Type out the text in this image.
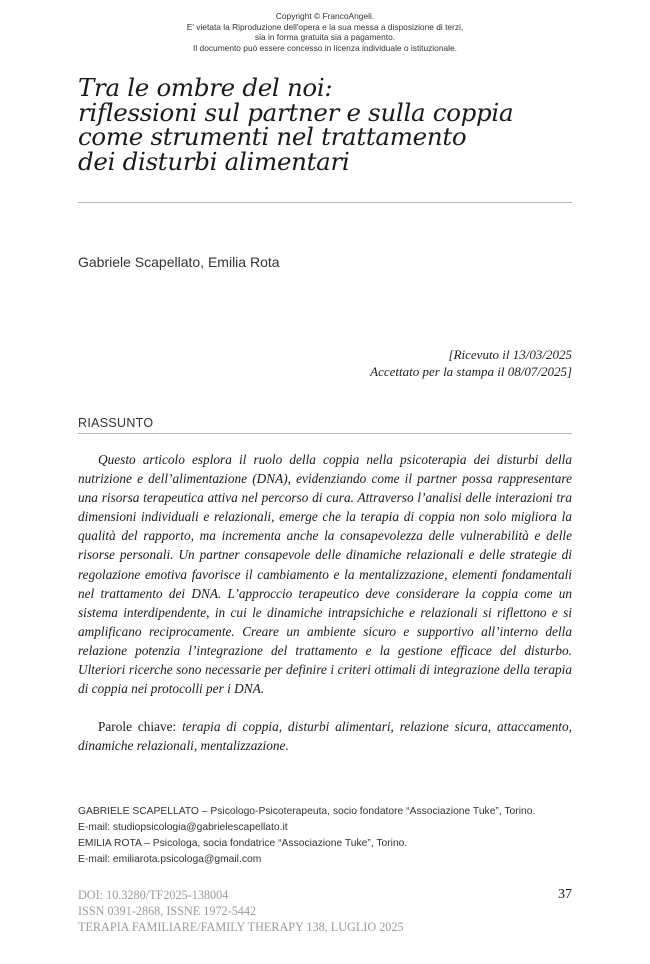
Copyright © FrancoAngeli.
E' vietata la Riproduzione dell'opera e la sua messa a disposizione di terzi,
sia in forma gratuita sia a pagamento.
Il documento può essere concesso in licenza individuale o istituzionale.
Tra le ombre del noi:
riflessioni sul partner e sulla coppia
come strumenti nel trattamento
dei disturbi alimentari
Gabriele Scapellato, Emilia Rota
[Ricevuto il 13/03/2025
Accettato per la stampa il 08/07/2025]
RIASSUNTO

Questo articolo esplora il ruolo della coppia nella psicoterapia dei disturbi della nutrizione e dell’alimentazione (DNA), evidenziando come il partner possa rappresentare una risorsa terapeutica attiva nel percorso di cura. Attraverso l’analisi delle interazioni tra dimensioni individuali e relazionali, emerge che la terapia di coppia non solo migliora la qualità del rapporto, ma incrementa anche la consapevolezza delle vulnerabilità e delle risorse personali. Un partner consapevole delle dinamiche relazionali e delle strategie di regolazione emotiva favorisce il cambiamento e la mentalizzazione, elementi fondamentali nel trattamento dei DNA. L’approccio terapeutico deve considerare la coppia come un sistema interdipendente, in cui le dinamiche intrapsichiche e relazionali si riflettono e si amplificano reciprocamente. Creare un ambiente sicuro e supportivo all’interno della relazione potenzia l’integrazione del trattamento e la gestione efficace del disturbo. Ulteriori ricerche sono necessarie per definire i criteri ottimali di integrazione della terapia di coppia nei protocolli per i DNA.

Parole chiave: terapia di coppia, disturbi alimentari, relazione sicura, attaccamento, dinamiche relazionali, mentalizzazione.

GABRIELE SCAPELLATO – Psicologo-Psicoterapeuta, socio fondatore “Associazione Tuke”, Torino.
E-mail: studiopsicologia@gabrielescapellato.it
EMILIA ROTA – Psicologa, socia fondatrice “Associazione Tuke”, Torino.
E-mail: emiliarota.psicologa@gmail.com
DOI: 10.3280/TF2025-138004
ISSN 0391-2868, ISSNE 1972-5442
TERAPIA FAMILIARE/FAMILY THERAPY 138, LUGLIO 2025
37
